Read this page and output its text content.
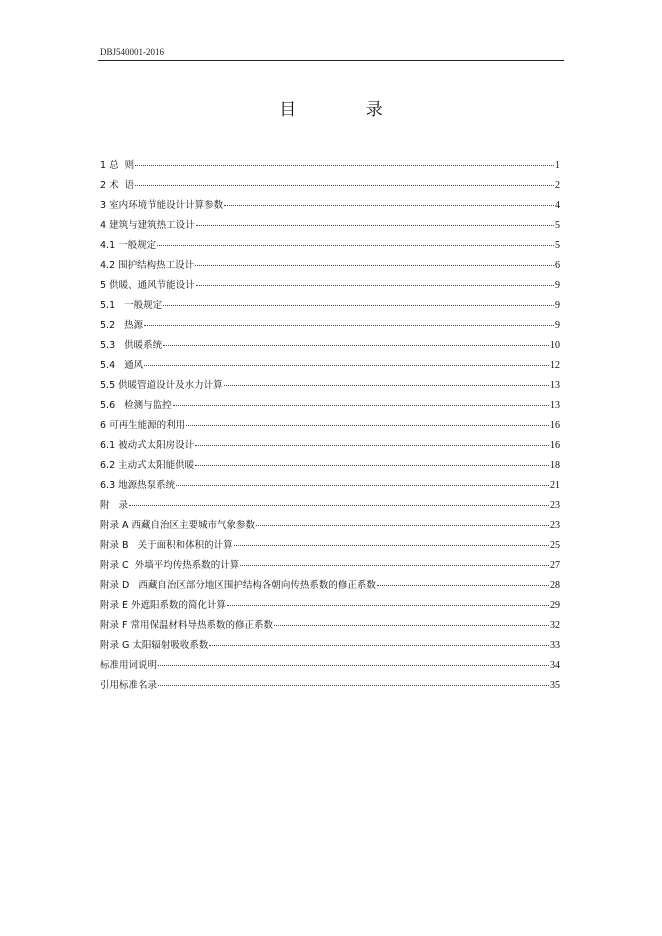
DBJ540001-2016
目 录
1 总  则	1
2 术  语	2
3 室内环境节能设计计算参数	4
4 建筑与建筑热工设计	5
4.1 一般规定	5
4.2 围护结构热工设计	6
5 供暖、通风节能设计	9
5.1   一般规定	9
5.2   热源	9
5.3   供暖系统	10
5.4   通风	12
5.5 供暖管道设计及水力计算	13
5.6   检测与监控	13
6 可再生能源的利用	16
6.1 被动式太阳房设计	16
6.2 主动式太阳能供暖	18
6.3 地源热泵系统	21
附   录	23
附录 A 西藏自治区主要城市气象参数	23
附录 B   关于面积和体积的计算	25
附录 C  外墙平均传热系数的计算	27
附录 D   西藏自治区部分地区围护结构各朝向传热系数的修正系数	28
附录 E 外遮阳系数的简化计算	29
附录 F 常用保温材料导热系数的修正系数	32
附录 G 太阳辐射吸收系数	33
标准用词说明	34
引用标准名录	35
